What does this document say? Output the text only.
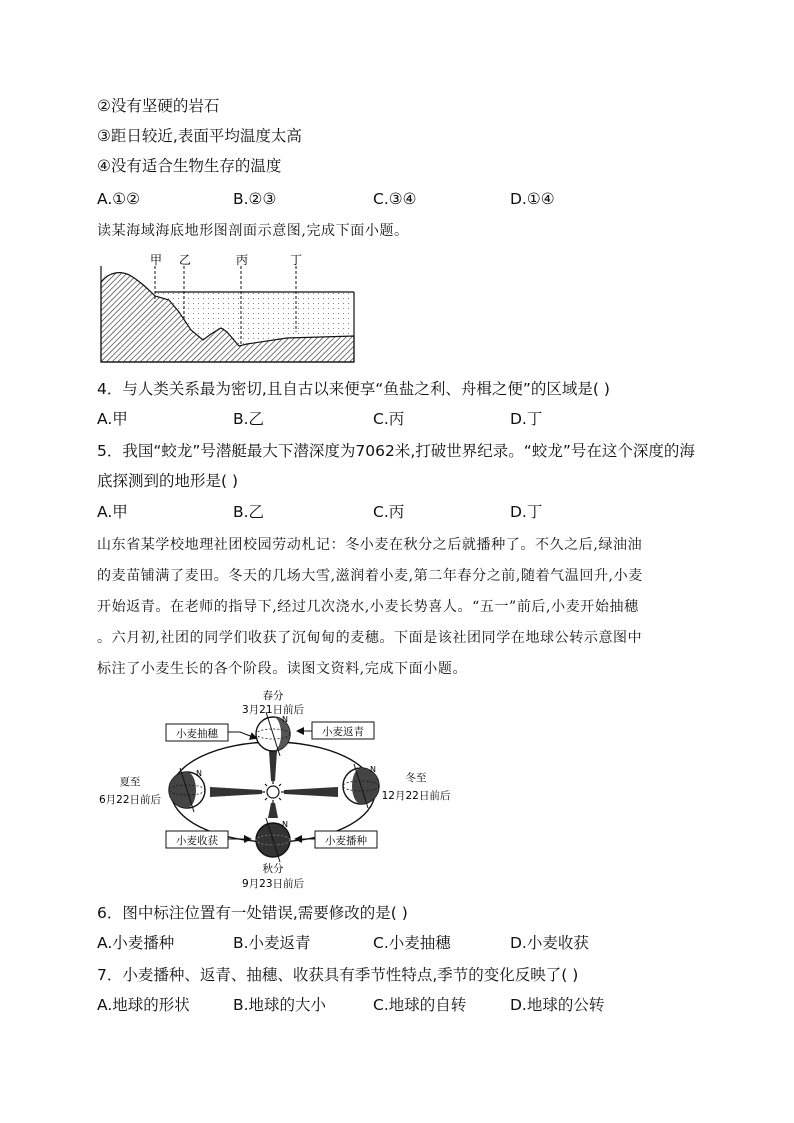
②没有坚硬的岩石
③距日较近,表面平均温度太高
④没有适合生物生存的温度
A.①②	B.②③	C.③④	D.①④
读某海域海底地形图剖面示意图,完成下面小题。
甲 乙	丙	丁
4．与人类关系最为密切,且自古以来便享“鱼盐之利、舟楫之便”的区域是( )
A.甲	B.乙	C.丙	D.丁
5．我国“蛟龙”号潜艇最大下潜深度为7062米,打破世界纪录。“蛟龙”号在这个深度的海
底探测到的地形是( )
A.甲	B.乙	C.丙	D.丁
山东省某学校地理社团校园劳动札记：冬小麦在秋分之后就播种了。不久之后,绿油油
的麦苗铺满了麦田。冬天的几场大雪,滋润着小麦,第二年春分之前,随着气温回升,小麦
开始返青。在老师的指导下,经过几次浇水,小麦长势喜人。“五一”前后,小麦开始抽穗
。六月初,社团的同学们收获了沉甸甸的麦穗。下面是该社团同学在地球公转示意图中
标注了小麦生长的各个阶段。读图文资料,完成下面小题。
N
N	N
N
春分
3月21日前后
夏至
6月22日前后
冬至
12月22日前后
秋分
9月23日前后
小麦抽穗	小麦返青
小麦收获	小麦播种
6．图中标注位置有一处错误,需要修改的是( )
A.小麦播种	B.小麦返青	C.小麦抽穗	D.小麦收获
7．小麦播种、返青、抽穗、收获具有季节性特点,季节的变化反映了( )
A.地球的形状	B.地球的大小	C.地球的自转	D.地球的公转
